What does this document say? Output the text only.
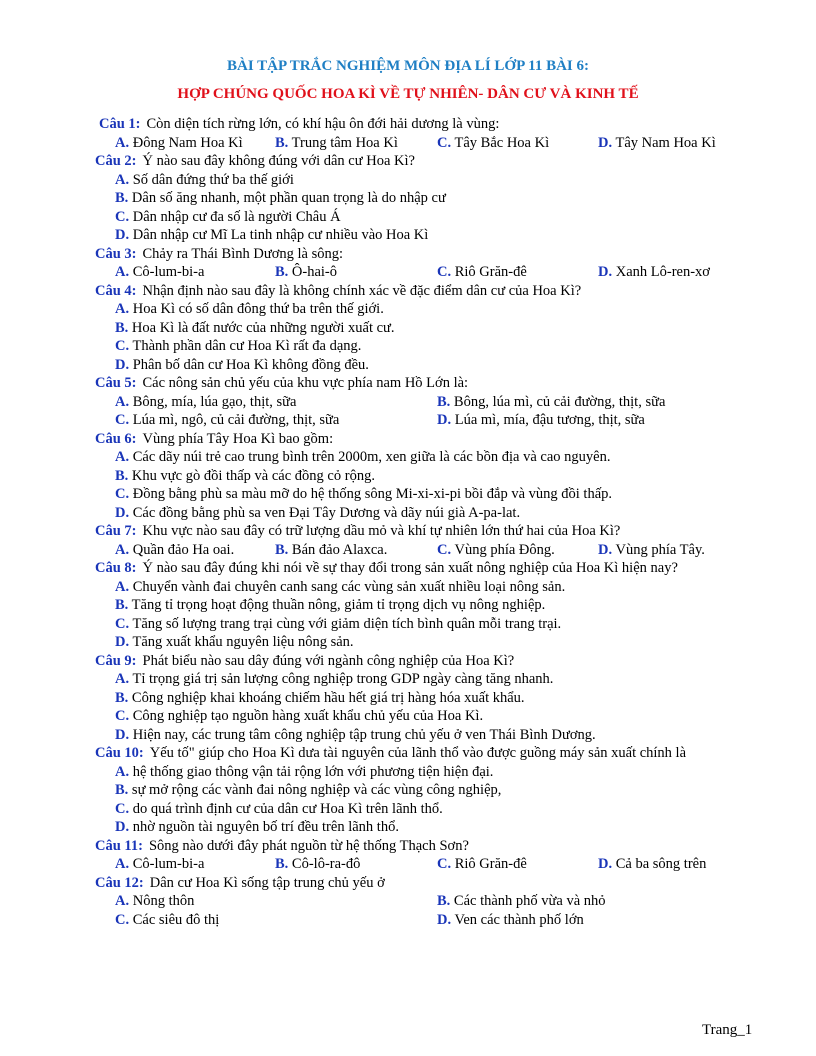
BÀI TẬP TRẮC NGHIỆM MÔN ĐỊA LÍ LỚP 11 BÀI 6:
HỢP CHÚNG QUỐC HOA KÌ VỀ TỰ NHIÊN- DÂN CƯ VÀ KINH TẾ
Câu 1: Còn diện tích rừng lớn, có khí hậu ôn đới hải dương là vùng:
A. Đông Nam Hoa Kì B. Trung tâm Hoa Kì	C. Tây Bắc Hoa Kì	D. Tây Nam Hoa Kì
Câu 2: Ý nào sau đây không đúng với dân cư Hoa Kì?
A. Số dân đứng thứ ba thế giới
B. Dân số ăng nhanh, một phần quan trọng là do nhập cư
C. Dân nhập cư đa số là người Châu Á
D. Dân nhập cư Mĩ La tinh nhập cư nhiều vào Hoa Kì
Câu 3: Chảy ra Thái Bình Dương là sông:
A. Cô-lum-bi-a	B. Ô-hai-ô	C. Riô Grăn-đê	D. Xanh Lô-ren-xơ
Câu 4: Nhận định nào sau đây là không chính xác về đặc điểm dân cư của Hoa Kì?
A. Hoa Kì có số dân đông thứ ba trên thế giới.
B. Hoa Kì là đất nước của những người xuất cư.
C. Thành phần dân cư Hoa Kì rất đa dạng.
D. Phân bố dân cư Hoa Kì không đồng đều.
Câu 5: Các nông sản chủ yếu của khu vực phía nam Hồ Lớn là:
A. Bông, mía, lúa gạo, thịt, sữa	B. Bông, lúa mì, củ cải đường, thịt, sữa
C. Lúa mì, ngô, củ cải đường, thịt, sữa	D. Lúa mì, mía, đậu tương, thịt, sữa
Câu 6: Vùng phía Tây Hoa Kì bao gồm:
A. Các dãy núi trẻ cao trung bình trên 2000m, xen giữa là các bồn địa và cao nguyên.
B. Khu vực gò đồi thấp và các đồng cỏ rộng.
C. Đồng bằng phù sa màu mỡ do hệ thống sông Mi-xi-xi-pi bồi đắp và vùng đồi thấp.
D. Các đồng bằng phù sa ven Đại Tây Dương và dãy núi già A-pa-lat.
Câu 7: Khu vực nào sau đây có trữ lượng dầu mỏ và khí tự nhiên lớn thứ hai của Hoa Kì?
A. Quần đảo Ha oai.	B. Bán đảo Alaxca.	C. Vùng phía Đông.	D. Vùng phía Tây.
Câu 8: Ý nào sau đây đúng khi nói về sự thay đổi trong sản xuất nông nghiệp của Hoa Kì hiện nay?
A. Chuyển vành đai chuyên canh sang các vùng sản xuất nhiều loại nông sản.
B. Tăng tỉ trọng hoạt động thuần nông, giảm tỉ trọng dịch vụ nông nghiệp.
C. Tăng số lượng trang trại cùng với giảm diện tích bình quân mỗi trang trại.
D. Tăng xuất khẩu nguyên liệu nông sản.
Câu 9: Phát biểu nào sau dây đúng với ngành công nghiệp của Hoa Kì?
A. Tỉ trọng giá trị sản lượng công nghiệp trong GDP ngày càng tăng nhanh.
B. Công nghiệp khai khoáng chiếm hầu hết giá trị hàng hóa xuất khẩu.
C. Công nghiệp tạo nguồn hàng xuất khẩu chủ yếu của Hoa Kì.
D. Hiện nay, các trung tâm công nghiệp tập trung chủ yếu ở ven Thái Bình Dương.
Câu 10: Yếu tố" giúp cho Hoa Kì dưa tài nguyên của lãnh thổ vào được guồng máy sản xuất chính là
A. hệ thống giao thông vận tải rộng lớn với phương tiện hiện đại.
B. sự mở rộng các vành đai nông nghiệp và các vùng công nghiệp,
C. do quá trình định cư của dân cư Hoa Kì trên lãnh thổ.
D. nhờ nguồn tài nguyên bố trí đều trên lãnh thổ.
Câu 11: Sông nào dưới đây phát nguồn từ hệ thống Thạch Sơn?
A. Cô-lum-bi-a	B. Cô-lô-ra-đô	C. Riô Grăn-đê	D. Cả ba sông trên
Câu 12: Dân cư Hoa Kì sống tập trung chủ yếu ở
A. Nông thôn	B. Các thành phố vừa và nhỏ
C. Các siêu đô thị	D. Ven các thành phố lớn
Trang_1
